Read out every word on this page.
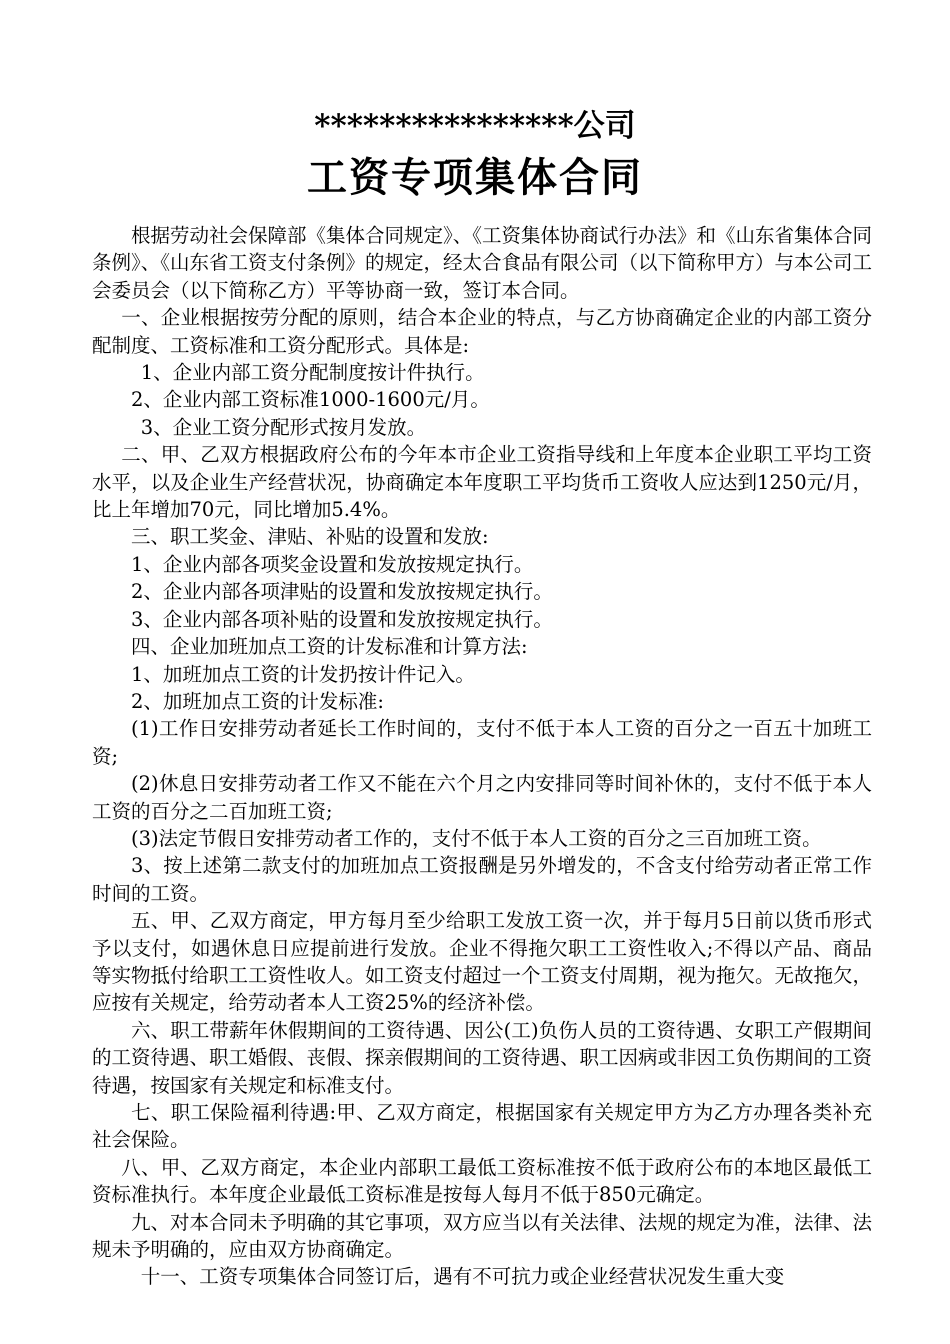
****************公司
工资专项集体合同

根据劳动社会保障部《集体合同规定》、《工资集体协商试行办法》和《山东省集体合同条例》、《山东省工资支付条例》的规定，经太合食品有限公司（以下简称甲方）与本公司工会委员会（以下简称乙方）平等协商一致，签订本合同。

一、企业根据按劳分配的原则，结合本企业的特点，与乙方协商确定企业的内部工资分配制度、工资标准和工资分配形式。具体是:

1、企业内部工资分配制度按计件执行。

2、企业内部工资标准1000-1600元/月。

3、企业工资分配形式按月发放。

二、甲、乙双方根据政府公布的今年本市企业工资指导线和上年度本企业职工平均工资水平，以及企业生产经营状况，协商确定本年度职工平均货币工资收人应达到1250元/月，比上年增加70元，同比增加5.4%。

三、职工奖金、津贴、补贴的设置和发放:

1、企业内部各项奖金设置和发放按规定执行。

2、企业内部各项津贴的设置和发放按规定执行。

3、企业内部各项补贴的设置和发放按规定执行。

四、企业加班加点工资的计发标准和计算方法:

1、加班加点工资的计发扔按计件记入。

2、加班加点工资的计发标准:

(1)工作日安排劳动者延长工作时间的，支付不低于本人工资的百分之一百五十加班工资;

(2)休息日安排劳动者工作又不能在六个月之内安排同等时间补休的，支付不低于本人工资的百分之二百加班工资;

(3)法定节假日安排劳动者工作的，支付不低于本人工资的百分之三百加班工资。

3、按上述第二款支付的加班加点工资报酬是另外增发的，不含支付给劳动者正常工作时间的工资。

五、甲、乙双方商定，甲方每月至少给职工发放工资一次，并于每月5日前以货币形式予以支付，如遇休息日应提前进行发放。企业不得拖欠职工工资性收入;不得以产品、商品等实物抵付给职工工资性收人。如工资支付超过一个工资支付周期，视为拖欠。无故拖欠，应按有关规定，给劳动者本人工资25%的经济补偿。

六、职工带薪年休假期间的工资待遇、因公(工)负伤人员的工资待遇、女职工产假期间的工资待遇、职工婚假、丧假、探亲假期间的工资待遇、职工因病或非因工负伤期间的工资待遇，按国家有关规定和标准支付。

七、职工保险福利待遇:甲、乙双方商定，根据国家有关规定甲方为乙方办理各类补充社会保险。

八、甲、乙双方商定，本企业内部职工最低工资标准按不低于政府公布的本地区最低工资标准执行。本年度企业最低工资标准是按每人每月不低于850元确定。

九、对本合同未予明确的其它事项，双方应当以有关法律、法规的规定为准，法律、法规未予明确的，应由双方协商确定。

十一、工资专项集体合同签订后，遇有不可抗力或企业经营状况发生重大变
